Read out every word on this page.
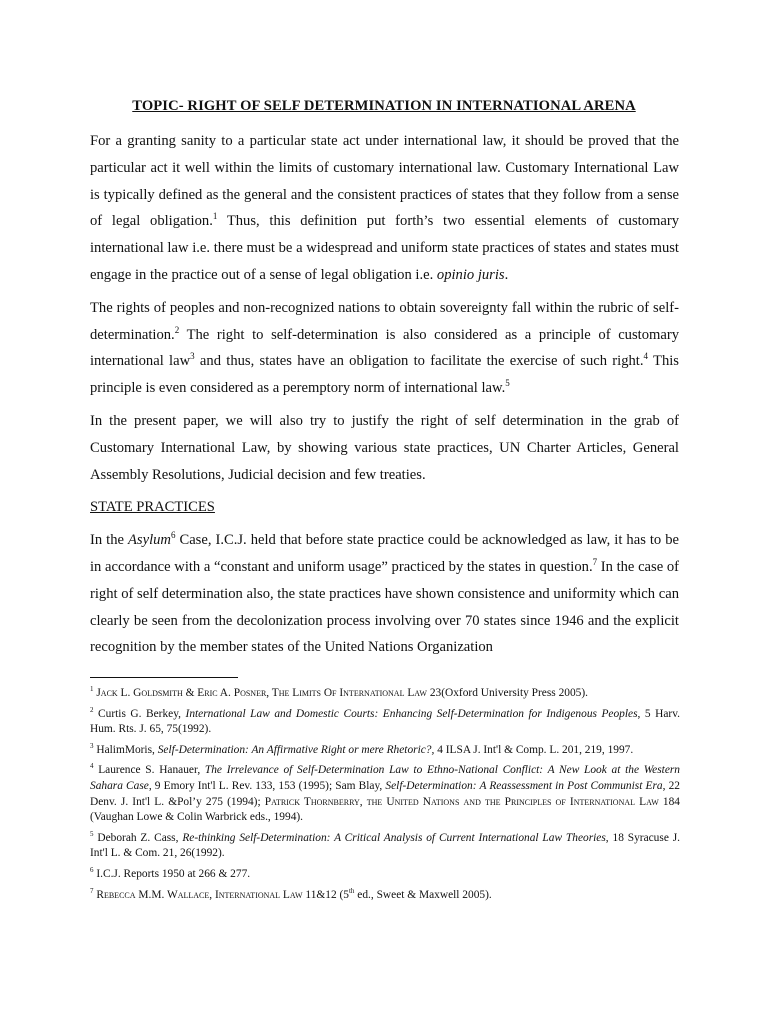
TOPIC- RIGHT OF SELF DETERMINATION IN INTERNATIONAL ARENA

For a granting sanity to a particular state act under international law, it should be proved that the particular act it well within the limits of customary international law. Customary International Law is typically defined as the general and the consistent practices of states that they follow from a sense of legal obligation.$^1$ Thus, this definition put forth’s two essential elements of customary international law i.e. there must be a widespread and uniform state practices of states and states must engage in the practice out of a sense of legal obligation i.e. opinio juris.

The rights of peoples and non-recognized nations to obtain sovereignty fall within the rubric of self-determination.$^2$ The right to self-determination is also considered as a principle of customary international law$^3$ and thus, states have an obligation to facilitate the exercise of such right.$^4$ This principle is even considered as a peremptory norm of international law.$^5$

In the present paper, we will also try to justify the right of self determination in the grab of Customary International Law, by showing various state practices, UN Charter Articles, General Assembly Resolutions, Judicial decision and few treaties.

STATE PRACTICES

In the Asylum$^6$ Case, I.C.J. held that before state practice could be acknowledged as law, it has to be in accordance with a “constant and uniform usage” practiced by the states in question.$^7$ In the case of right of self determination also, the state practices have shown consistence and uniformity which can clearly be seen from the decolonization process involving over 70 states since 1946 and the explicit recognition by the member states of the United Nations Organization

$^1$ Jack L. Goldsmith & Eric A. Posner, The Limits Of International Law 23(Oxford University Press 2005).

$^2$ Curtis G. Berkey, International Law and Domestic Courts: Enhancing Self-Determination for Indigenous Peoples, 5 Harv. Hum. Rts. J. 65, 75(1992).

$^3$ HalimMoris, Self-Determination: An Affirmative Right or mere Rhetoric?, 4 ILSA J. Int'l & Comp. L. 201, 219, 1997.

$^4$ Laurence S. Hanauer, The Irrelevance of Self-Determination Law to Ethno-National Conflict: A New Look at the Western Sahara Case, 9 Emory Int'l L. Rev. 133, 153 (1995); Sam Blay, Self-Determination: A Reassessment in Post Communist Era, 22 Denv. J. Int'l L. &Pol’y 275 (1994); Patrick Thornberry, the United Nations and the Principles of International Law 184 (Vaughan Lowe & Colin Warbrick eds., 1994).

$^5$ Deborah Z. Cass, Re-thinking Self-Determination: A Critical Analysis of Current International Law Theories, 18 Syracuse J. Int'l L. & Com. 21, 26(1992).

$^6$ I.C.J. Reports 1950 at 266 & 277.

$^7$ Rebecca M.M. Wallace, International Law 11&12 (5th ed., Sweet & Maxwell 2005).
